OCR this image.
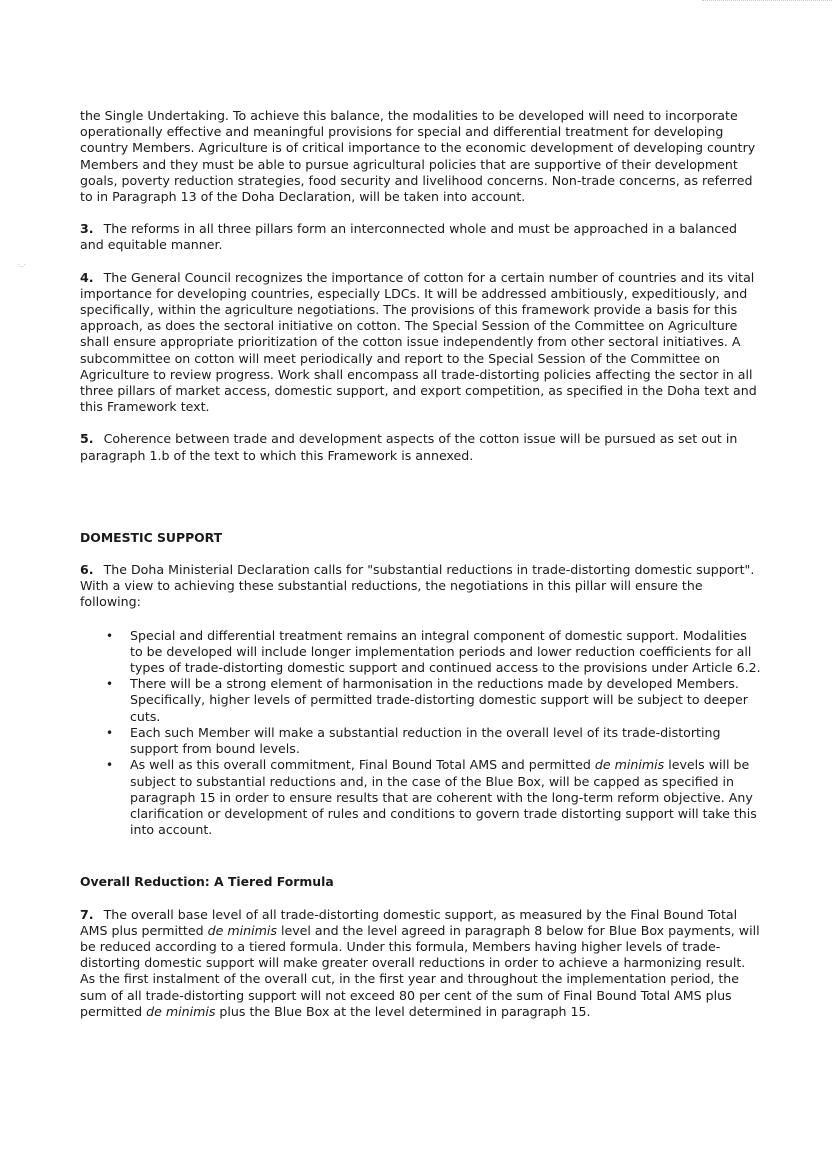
·‥·

the Single Undertaking. To achieve this balance, the modalities to be developed will need to incorporate operationally effective and meaningful provisions for special and differential treatment for developing country Members. Agriculture is of critical importance to the economic development of developing country Members and they must be able to pursue agricultural policies that are supportive of their development goals, poverty reduction strategies, food security and livelihood concerns. Non-trade concerns, as referred to in Paragraph 13 of the Doha Declaration, will be taken into account.

3. The reforms in all three pillars form an interconnected whole and must be approached in a balanced and equitable manner.

4. The General Council recognizes the importance of cotton for a certain number of countries and its vital importance for developing countries, especially LDCs. It will be addressed ambitiously, expeditiously, and specifically, within the agriculture negotiations. The provisions of this framework provide a basis for this approach, as does the sectoral initiative on cotton. The Special Session of the Committee on Agriculture shall ensure appropriate prioritization of the cotton issue independently from other sectoral initiatives. A subcommittee on cotton will meet periodically and report to the Special Session of the Committee on Agriculture to review progress. Work shall encompass all trade-distorting policies affecting the sector in all three pillars of market access, domestic support, and export competition, as specified in the Doha text and this Framework text.

5. Coherence between trade and development aspects of the cotton issue will be pursued as set out in paragraph 1.b of the text to which this Framework is annexed.

DOMESTIC SUPPORT

6. The Doha Ministerial Declaration calls for "substantial reductions in trade-distorting domestic support". With a view to achieving these substantial reductions, the negotiations in this pillar will ensure the following:

• Special and differential treatment remains an integral component of domestic support. Modalities to be developed will include longer implementation periods and lower reduction coefficients for all types of trade-distorting domestic support and continued access to the provisions under Article 6.2.
• There will be a strong element of harmonisation in the reductions made by developed Members. Specifically, higher levels of permitted trade-distorting domestic support will be subject to deeper cuts.
• Each such Member will make a substantial reduction in the overall level of its trade-distorting support from bound levels.
• As well as this overall commitment, Final Bound Total AMS and permitted de minimis levels will be subject to substantial reductions and, in the case of the Blue Box, will be capped as specified in paragraph 15 in order to ensure results that are coherent with the long-term reform objective. Any clarification or development of rules and conditions to govern trade distorting support will take this into account.

Overall Reduction: A Tiered Formula

7. The overall base level of all trade-distorting domestic support, as measured by the Final Bound Total AMS plus permitted de minimis level and the level agreed in paragraph 8 below for Blue Box payments, will be reduced according to a tiered formula. Under this formula, Members having higher levels of trade-distorting domestic support will make greater overall reductions in order to achieve a harmonizing result. As the first instalment of the overall cut, in the first year and throughout the implementation period, the sum of all trade-distorting support will not exceed 80 per cent of the sum of Final Bound Total AMS plus permitted de minimis plus the Blue Box at the level determined in paragraph 15.
